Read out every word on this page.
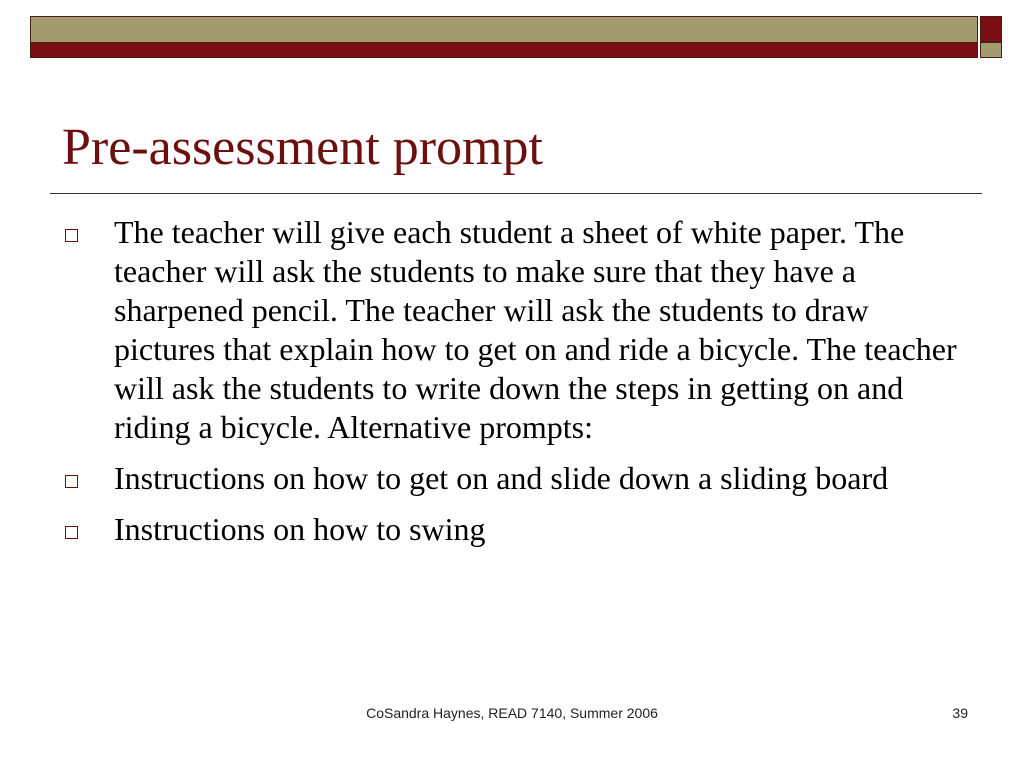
Pre-assessment prompt
The teacher will give each student a sheet of white paper. The teacher will ask the students to make sure that they have a sharpened pencil. The teacher will ask the students to draw pictures that explain how to get on and ride a bicycle. The teacher will ask the students to write down the steps in getting on and riding a bicycle. Alternative prompts:
Instructions on how to get on and slide down a sliding board
Instructions on how to swing
CoSandra Haynes, READ 7140, Summer 2006	39
